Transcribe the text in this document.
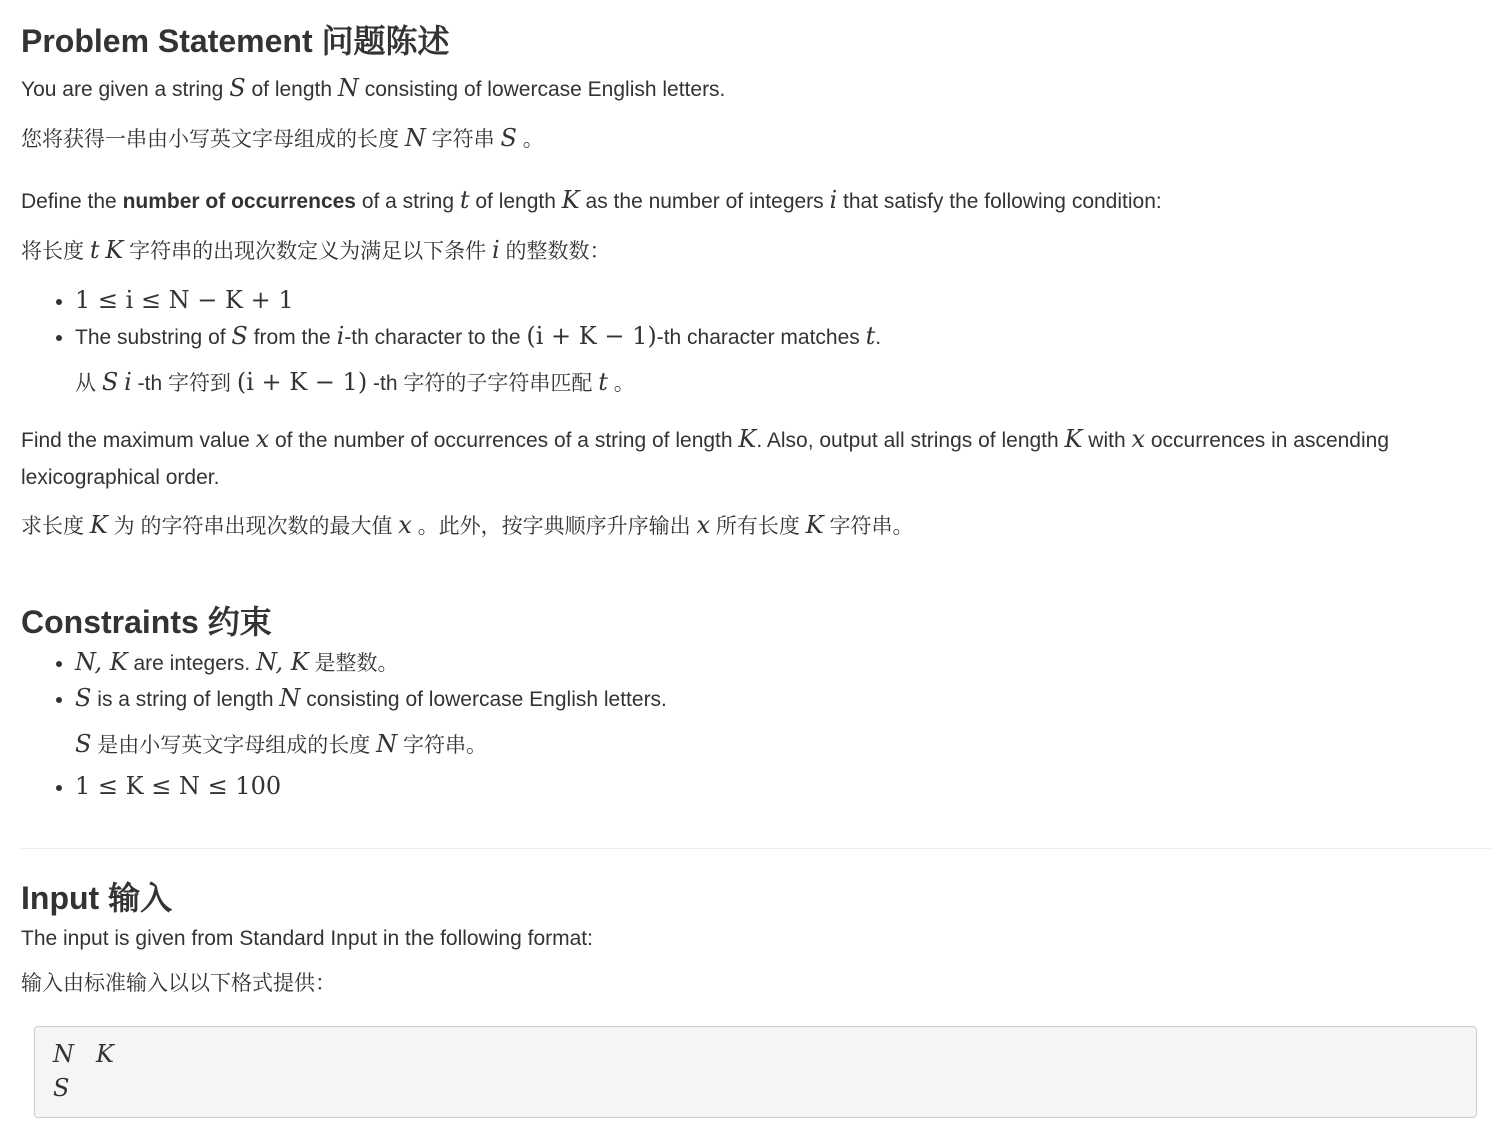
Problem Statement 问题陈述

You are given a string S of length N consisting of lowercase English letters.

您将获得一串由小写英文字母组成的长度 N 字符串 S 。

Define the number of occurrences of a string t of length K as the number of integers i that satisfy the following condition:

将长度 t K 字符串的出现次数定义为满足以下条件 i 的整数数：

• 1 ≤ i ≤ N − K + 1
• The substring of S from the i-th character to the (i + K − 1)-th character matches t.

从 S i -th 字符到 (i + K − 1) -th 字符的子字符串匹配 t 。

Find the maximum value x of the number of occurrences of a string of length K. Also, output all strings of length K with x occurrences in ascending lexicographical order.

求长度 K 为 的字符串出现次数的最大值 x 。此外，按字典顺序升序输出 x 所有长度 K 字符串。

Constraints 约束
• N, K are integers. N, K 是整数。
• S is a string of length N consisting of lowercase English letters.

S 是由小写英文字母组成的长度 N 字符串。

• 1 ≤ K ≤ N ≤ 100
Input 输入

The input is given from Standard Input in the following format:

输入由标准输入以以下格式提供：

N K
S
